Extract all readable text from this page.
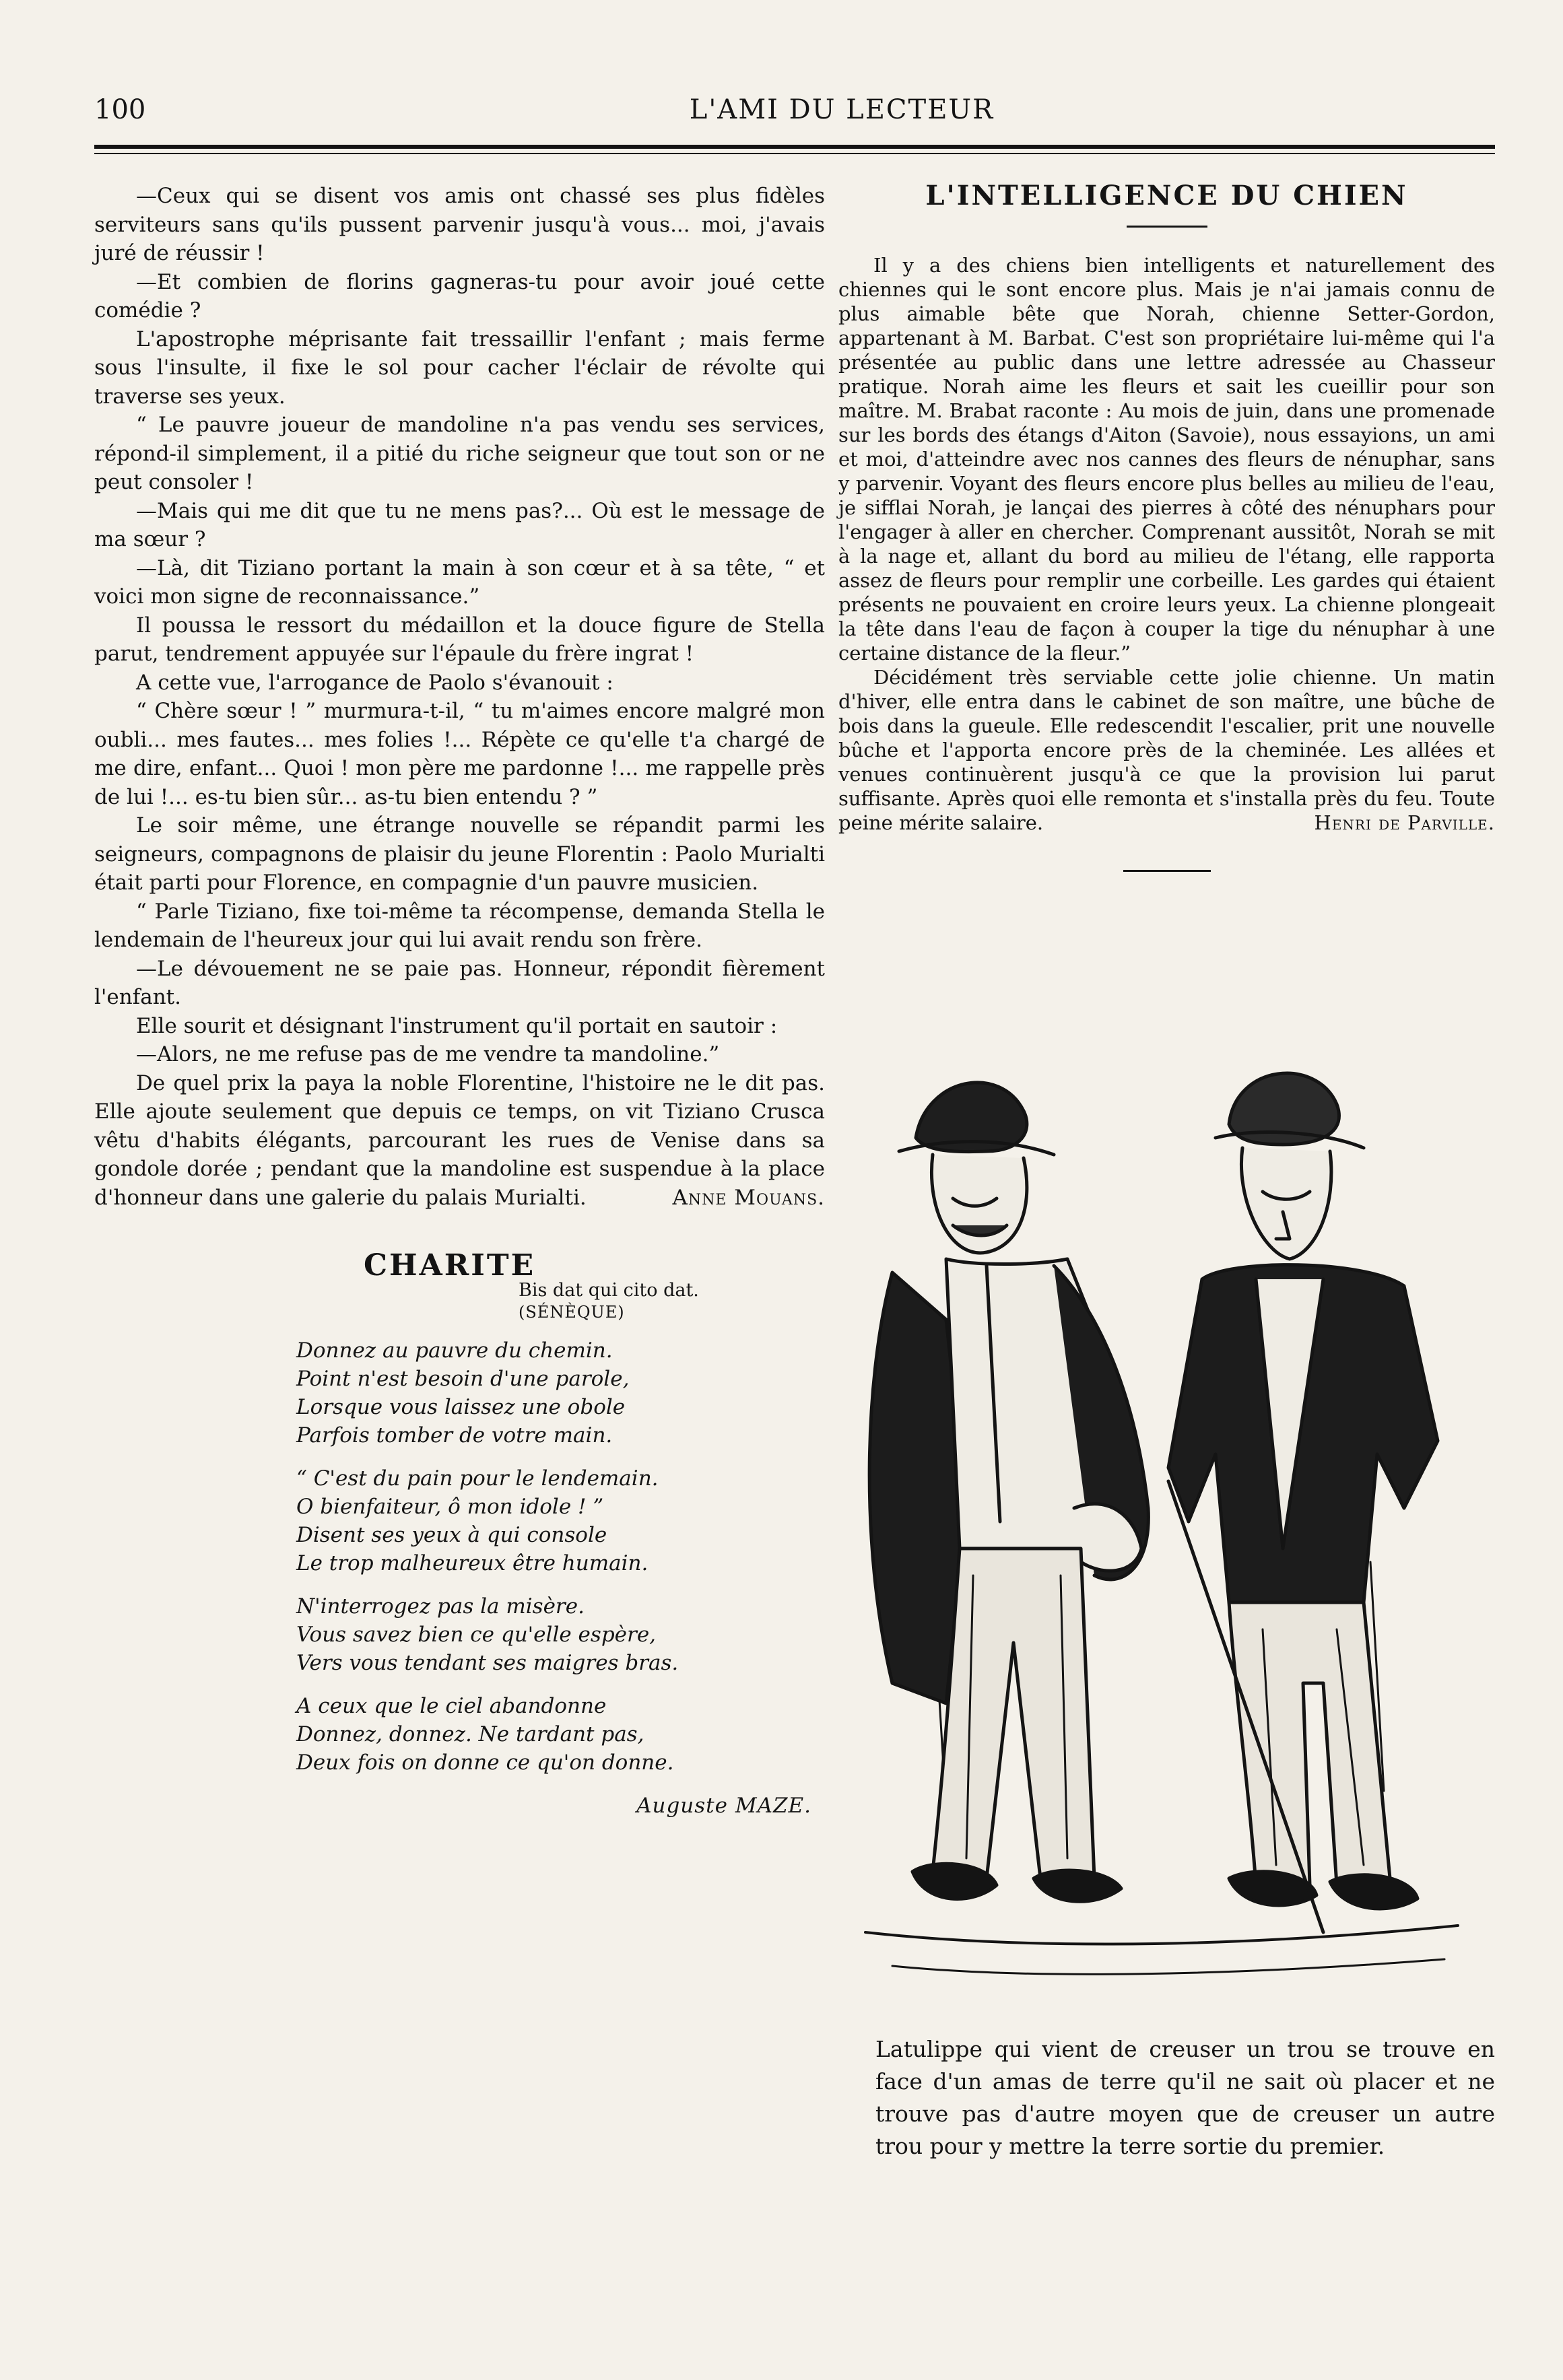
100	L'AMI DU LECTEUR

—Ceux qui se disent vos amis ont chassé ses plus fidèles serviteurs sans qu'ils pussent parvenir jusqu'à vous... moi, j'avais juré de réussir !

—Et combien de florins gagneras-tu pour avoir joué cette comédie ?

L'apostrophe méprisante fait tressaillir l'enfant ; mais ferme sous l'insulte, il fixe le sol pour cacher l'éclair de révolte qui traverse ses yeux.

“ Le pauvre joueur de mandoline n'a pas vendu ses services, répond-il simplement, il a pitié du riche seigneur que tout son or ne peut consoler !

—Mais qui me dit que tu ne mens pas?... Où est le message de ma sœur ?

—Là, dit Tiziano portant la main à son cœur et à sa tête, “ et voici mon signe de reconnaissance.”

Il poussa le ressort du médaillon et la douce figure de Stella parut, tendrement appuyée sur l'épaule du frère ingrat !

A cette vue, l'arrogance de Paolo s'évanouit :

“ Chère sœur ! ” murmura-t-il, “ tu m'aimes encore malgré mon oubli... mes fautes... mes folies !... Répète ce qu'elle t'a chargé de me dire, enfant... Quoi ! mon père me pardonne !... me rappelle près de lui !... es-tu bien sûr... as-tu bien entendu ? ”

Le soir même, une étrange nouvelle se répandit parmi les seigneurs, compagnons de plaisir du jeune Florentin : Paolo Murialti était parti pour Florence, en compagnie d'un pauvre musicien.

“ Parle Tiziano, fixe toi-même ta récompense, demanda Stella le lendemain de l'heureux jour qui lui avait rendu son frère.

—Le dévouement ne se paie pas. Honneur, répondit fièrement l'enfant.

Elle sourit et désignant l'instrument qu'il portait en sautoir :

—Alors, ne me refuse pas de me vendre ta mandoline.”

De quel prix la paya la noble Florentine, l'histoire ne le dit pas. Elle ajoute seulement que depuis ce temps, on vit Tiziano Crusca vêtu d'habits élégants, parcourant les rues de Venise dans sa gondole dorée ; pendant que la mandoline est suspendue à la place d'honneur dans une galerie du palais Murialti.	Anne Mouans.
CHARITE
Bis dat qui cito dat.
(SÉNÈQUE)
Donnez au pauvre du chemin.
Point n'est besoin d'une parole,
Lorsque vous laissez une obole
Parfois tomber de votre main.
“ C'est du pain pour le lendemain.
O bienfaiteur, ô mon idole ! ”
Disent ses yeux à qui console
Le trop malheureux être humain.
N'interrogez pas la misère.
Vous savez bien ce qu'elle espère,
Vers vous tendant ses maigres bras.
A ceux que le ciel abandonne
Donnez, donnez. Ne tardant pas,
Deux fois on donne ce qu'on donne.
Auguste MAZE.
L'INTELLIGENCE DU CHIEN

Il y a des chiens bien intelligents et naturellement des chiennes qui le sont encore plus. Mais je n'ai jamais connu de plus aimable bête que Norah, chienne Setter-Gordon, appartenant à M. Barbat. C'est son propriétaire lui-même qui l'a présentée au public dans une lettre adressée au Chasseur pratique. Norah aime les fleurs et sait les cueillir pour son maître. M. Brabat raconte : Au mois de juin, dans une promenade sur les bords des étangs d'Aiton (Savoie), nous essayions, un ami et moi, d'atteindre avec nos cannes des fleurs de nénuphar, sans y parvenir. Voyant des fleurs encore plus belles au milieu de l'eau, je sifflai Norah, je lançai des pierres à côté des nénuphars pour l'engager à aller en chercher. Comprenant aussitôt, Norah se mit à la nage et, allant du bord au milieu de l'étang, elle rapporta assez de fleurs pour remplir une corbeille. Les gardes qui étaient présents ne pouvaient en croire leurs yeux. La chienne plongeait la tête dans l'eau de façon à couper la tige du nénuphar à une certaine distance de la fleur.”

Décidément très serviable cette jolie chienne. Un matin d'hiver, elle entra dans le cabinet de son maître, une bûche de bois dans la gueule. Elle redescendit l'escalier, prit une nouvelle bûche et l'apporta encore près de la cheminée. Les allées et venues continuèrent jusqu'à ce que la provision lui parut suffisante. Après quoi elle remonta et s'installa près du feu. Toute peine mérite salaire.	Henri de Parville.

Latulippe qui vient de creuser un trou se trouve en face d'un amas de terre qu'il ne sait où placer et ne trouve pas d'autre moyen que de creuser un autre trou pour y mettre la terre sortie du premier.
